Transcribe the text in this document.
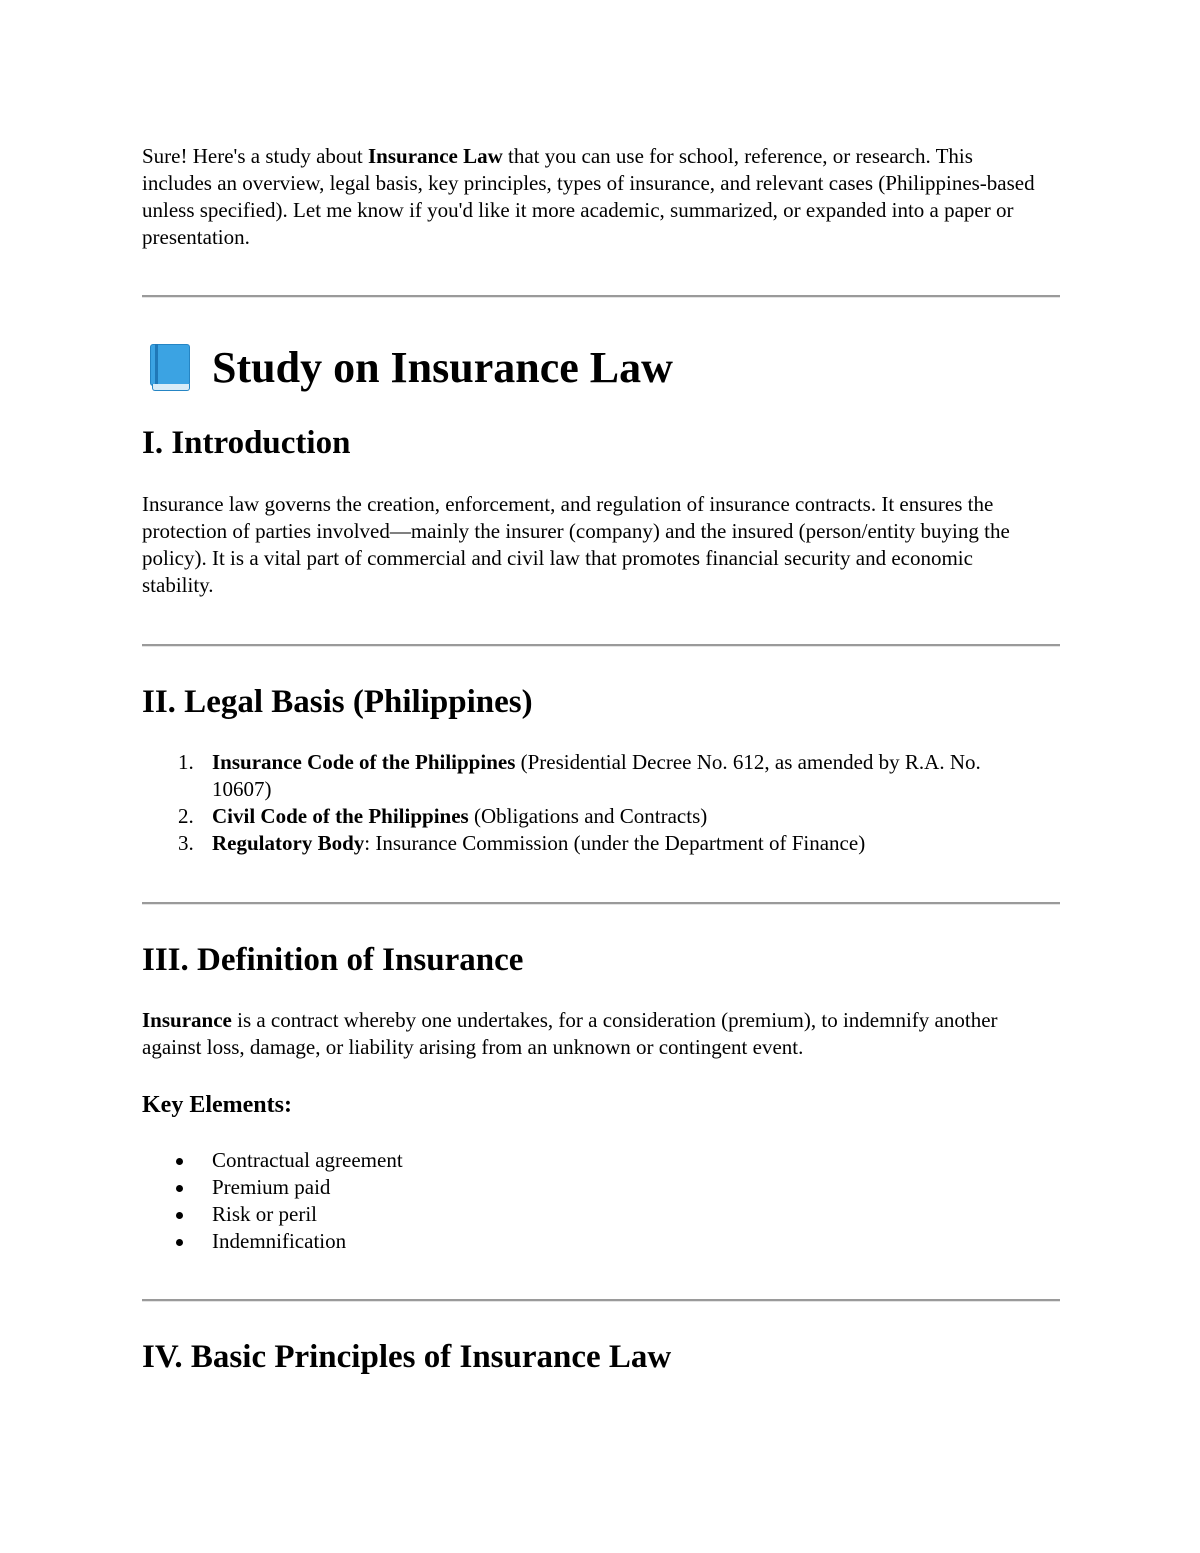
Sure! Here's a study about Insurance Law that you can use for school, reference, or research. This includes an overview, legal basis, key principles, types of insurance, and relevant cases (Philippines-based unless specified). Let me know if you'd like it more academic, summarized, or expanded into a paper or presentation.

Study on Insurance Law
I. Introduction

Insurance law governs the creation, enforcement, and regulation of insurance contracts. It ensures the protection of parties involved—mainly the insurer (company) and the insured (person/entity buying the policy). It is a vital part of commercial and civil law that promotes financial security and economic stability.

II. Legal Basis (Philippines)
1. Insurance Code of the Philippines (Presidential Decree No. 612, as amended by R.A. No. 10607)
2. Civil Code of the Philippines (Obligations and Contracts)
3. Regulatory Body: Insurance Commission (under the Department of Finance)
III. Definition of Insurance

Insurance is a contract whereby one undertakes, for a consideration (premium), to indemnify another against loss, damage, or liability arising from an unknown or contingent event.

Key Elements:
Contractual agreement
Premium paid
Risk or peril
Indemnification
IV. Basic Principles of Insurance Law
